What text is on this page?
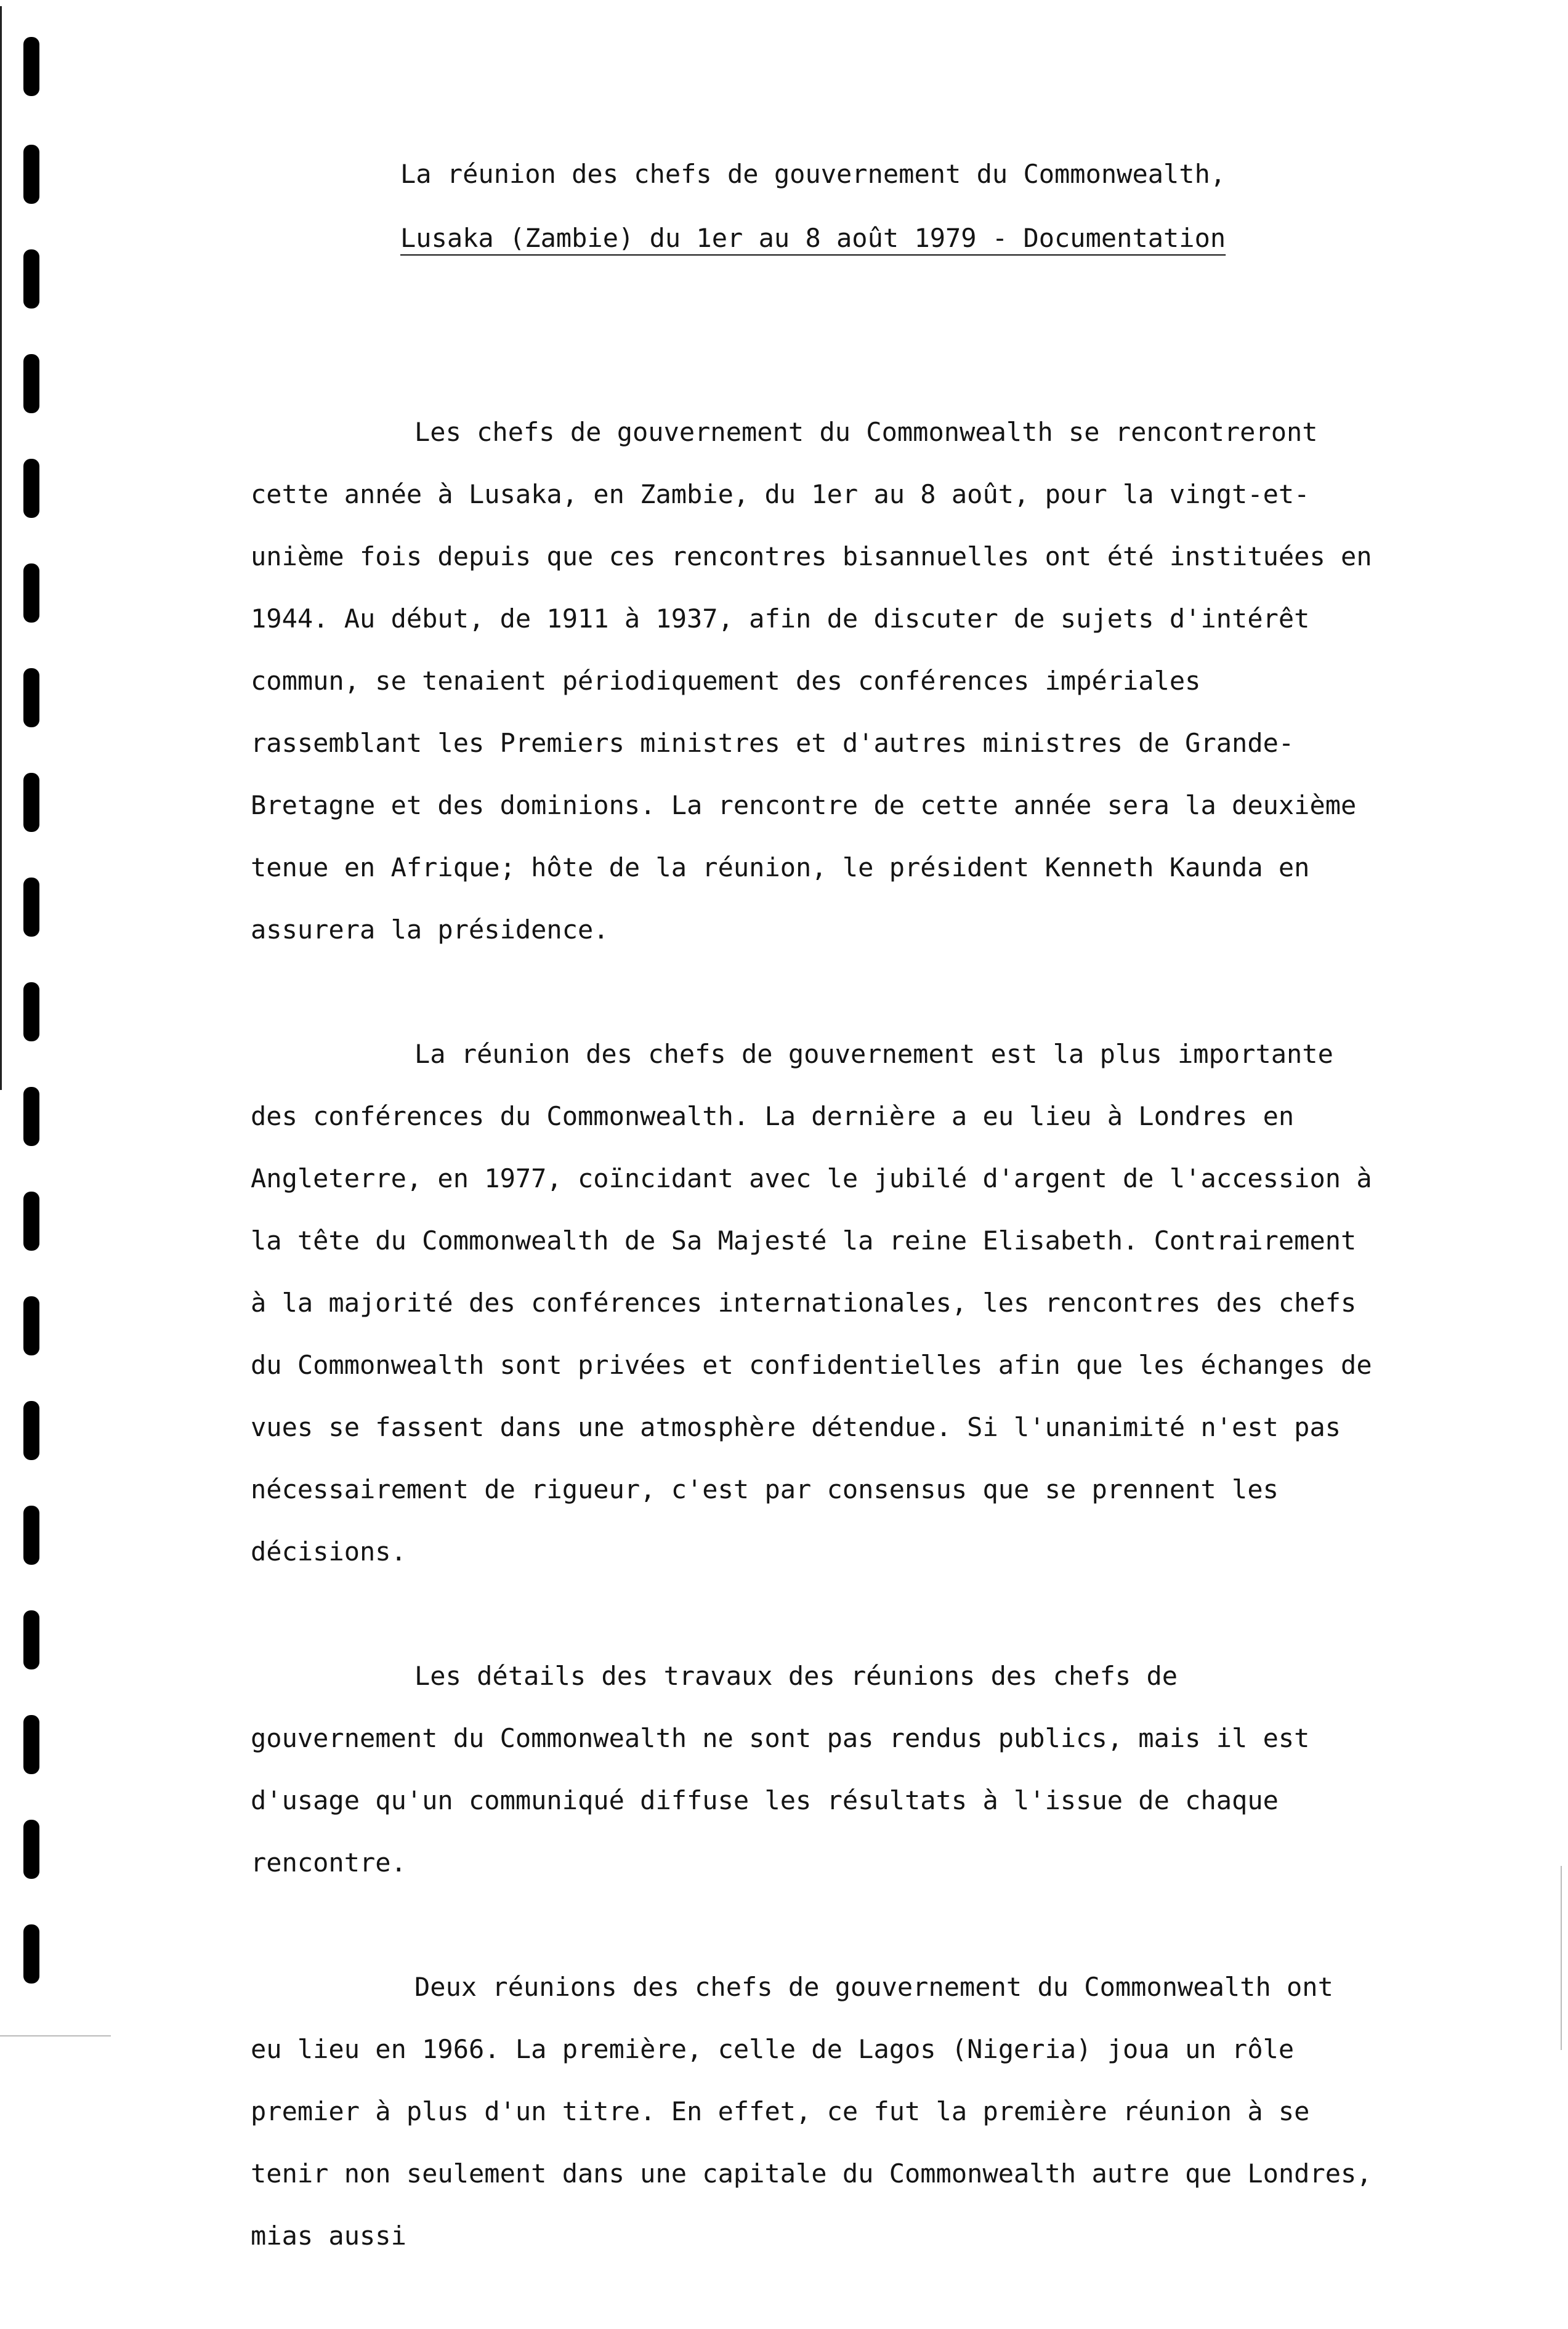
La réunion des chefs de gouvernement du Commonwealth,
Lusaka (Zambie) du 1er au 8 août 1979 - Documentation

Les chefs de gouvernement du Commonwealth se rencontreront cette année à Lusaka, en Zambie, du 1er au 8 août, pour la vingt-et-unième fois depuis que ces rencontres bisannuelles ont été instituées en 1944. Au début, de 1911 à 1937, afin de discuter de sujets d'intérêt commun, se tenaient périodiquement des conférences impériales rassemblant les Premiers ministres et d'autres ministres de Grande-Bretagne et des dominions. La rencontre de cette année sera la deuxième tenue en Afrique; hôte de la réunion, le président Kenneth Kaunda en assurera la présidence.

La réunion des chefs de gouvernement est la plus importante des conférences du Commonwealth. La dernière a eu lieu à Londres en Angleterre, en 1977, coïncidant avec le jubilé d'argent de l'accession à la tête du Commonwealth de Sa Majesté la reine Elisabeth. Contrairement à la majorité des conférences internationales, les rencontres des chefs du Commonwealth sont privées et confidentielles afin que les échanges de vues se fassent dans une atmosphère détendue. Si l'unanimité n'est pas nécessairement de rigueur, c'est par consensus que se prennent les décisions.

Les détails des travaux des réunions des chefs de gouvernement du Commonwealth ne sont pas rendus publics, mais il est d'usage qu'un communiqué diffuse les résultats à l'issue de chaque rencontre.

Deux réunions des chefs de gouvernement du Commonwealth ont eu lieu en 1966. La première, celle de Lagos (Nigeria) joua un rôle premier à plus d'un titre. En effet, ce fut la première réunion à se tenir non seulement dans une capitale du Commonwealth autre que Londres, mias aussi
